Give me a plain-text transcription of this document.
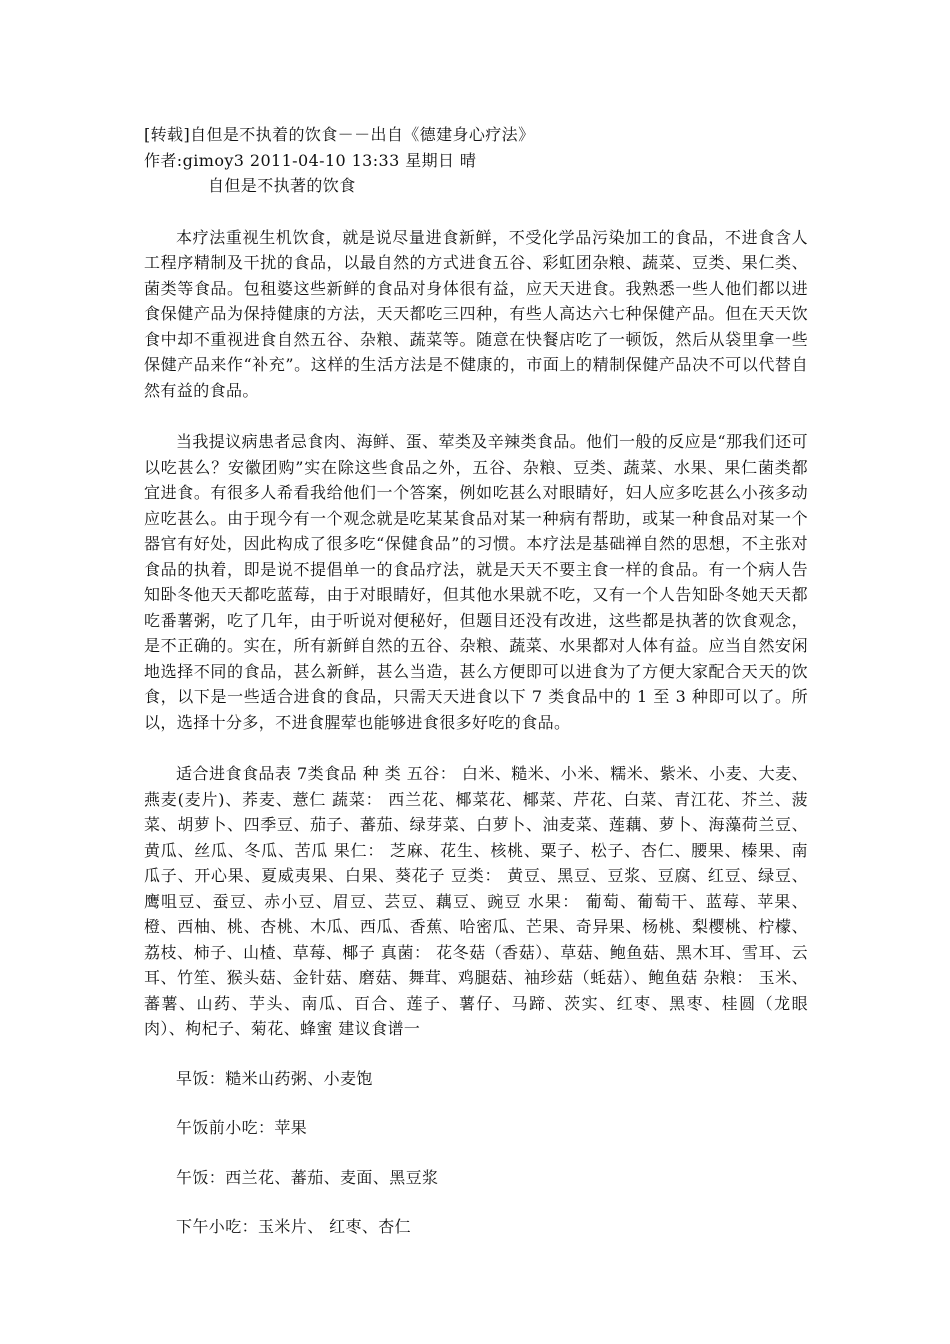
[转载]自但是不执着的饮食－－出自《德建身心疗法》

作者:gimoy3 2011-04-10 13:33 星期日 晴

自但是不执著的饮食

本疗法重视生机饮食，就是说尽量进食新鲜，不受化学品污染加工的食品，不进食含人工程序精制及干扰的食品，以最自然的方式进食五谷、彩虹团杂粮、蔬菜、豆类、果仁类、菌类等食品。包租婆这些新鲜的食品对身体很有益，应天天进食。我熟悉一些人他们都以进食保健产品为保持健康的方法，天天都吃三四种，有些人高达六七种保健产品。但在天天饮食中却不重视进食自然五谷、杂粮、蔬菜等。随意在快餐店吃了一顿饭，然后从袋里拿一些保健产品来作“补充”。这样的生活方法是不健康的，市面上的精制保健产品决不可以代替自然有益的食品。

当我提议病患者忌食肉、海鲜、蛋、荤类及辛辣类食品。他们一般的反应是“那我们还可以吃甚么？安徽团购”实在除这些食品之外，五谷、杂粮、豆类、蔬菜、水果、果仁菌类都宜进食。有很多人希看我给他们一个答案，例如吃甚么对眼睛好，妇人应多吃甚么小孩多动应吃甚么。由于现今有一个观念就是吃某某食品对某一种病有帮助，或某一种食品对某一个器官有好处，因此构成了很多吃“保健食品”的习惯。本疗法是基础禅自然的思想，不主张对食品的执着，即是说不提倡单一的食品疗法，就是天天不要主食一样的食品。有一个病人告知卧冬他天天都吃蓝莓，由于对眼睛好，但其他水果就不吃，又有一个人告知卧冬她天天都吃番薯粥，吃了几年，由于听说对便秘好，但题目还没有改进，这些都是执著的饮食观念，是不正确的。实在，所有新鲜自然的五谷、杂粮、蔬菜、水果都对人体有益。应当自然安闲地选择不同的食品，甚么新鲜，甚么当造，甚么方便即可以进食为了方便大家配合天天的饮食，以下是一些适合进食的食品，只需天天进食以下 7 类食品中的 1 至 3 种即可以了。所以，选择十分多，不进食腥荤也能够进食很多好吃的食品。

适合进食食品表 7类食品 种 类 五谷： 白米、糙米、小米、糯米、紫米、小麦、大麦、燕麦(麦片)、荞麦、薏仁 蔬菜： 西兰花、椰菜花、椰菜、芹花、白菜、青江花、芥兰、菠菜、胡萝卜、四季豆、茄子、蕃茄、绿芽菜、白萝卜、油麦菜、莲藕、萝卜、海藻荷兰豆、黄瓜、丝瓜、冬瓜、苦瓜 果仁： 芝麻、花生、核桃、粟子、松子、杏仁、腰果、榛果、南瓜子、开心果、夏威夷果、白果、葵花子 豆类： 黄豆、黑豆、豆浆、豆腐、红豆、绿豆、鹰咀豆、蚕豆、赤小豆、眉豆、芸豆、藕豆、豌豆 水果： 葡萄、葡萄干、蓝莓、苹果、橙、西柚、桃、杏桃、木瓜、西瓜、香蕉、哈密瓜、芒果、奇异果、杨桃、梨樱桃、柠檬、荔枝、柿子、山楂、草莓、椰子 真菌： 花冬菇（香菇）、草菇、鲍鱼菇、黑木耳、雪耳、云耳、竹笙、猴头菇、金针菇、磨菇、舞茸、鸡腿菇、袖珍菇（蚝菇）、鲍鱼菇 杂粮： 玉米、蕃薯、山药、芋头、南瓜、百合、莲子、薯仔、马蹄、茨实、红枣、黑枣、桂圆（龙眼肉）、枸杞子、菊花、蜂蜜 建议食谱一

早饭：糙米山药粥、小麦饱

午饭前小吃：苹果

午饭：西兰花、蕃茄、麦面、黑豆浆

下午小吃：玉米片、 红枣、杏仁
